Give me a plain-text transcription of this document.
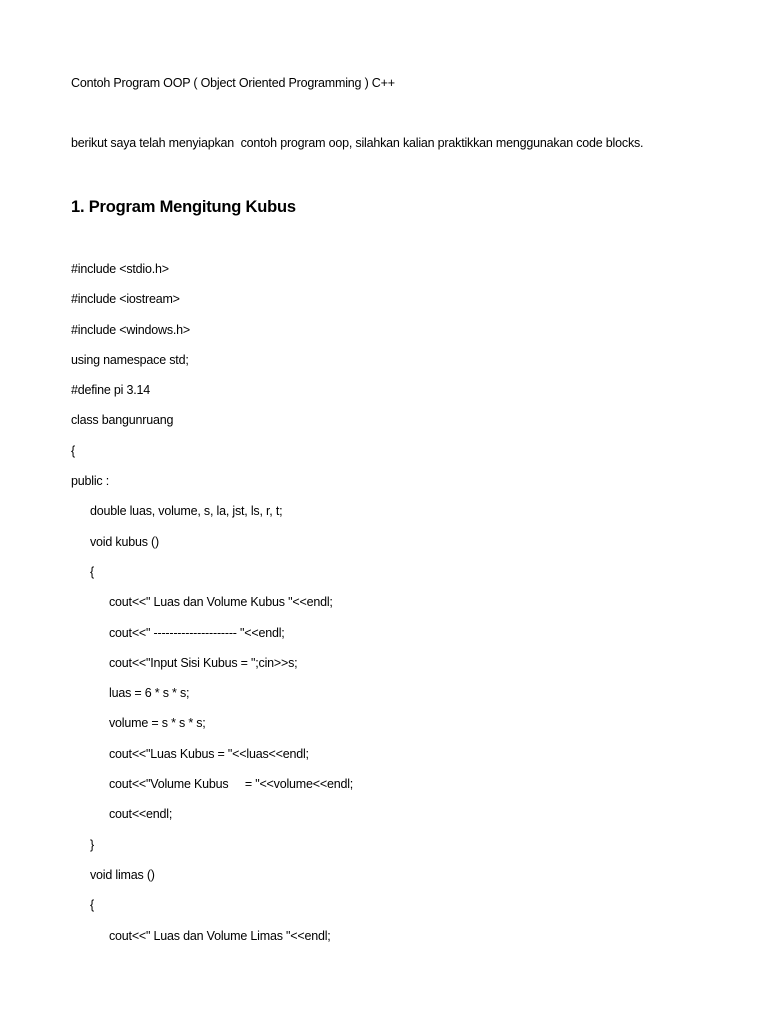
Contoh Program OOP ( Object Oriented Programming ) C++
berikut saya telah menyiapkan  contoh program oop, silahkan kalian praktikkan menggunakan code blocks.
1. Program Mengitung Kubus
#include <stdio.h>
#include <iostream>
#include <windows.h>
using namespace std;
#define pi 3.14
class bangunruang
{
public :
double luas, volume, s, la, jst, ls, r, t;
void kubus ()
{
cout<<" Luas dan Volume Kubus "<<endl;
cout<<" --------------------- "<<endl;
cout<<"Input Sisi Kubus = ";cin>>s;
luas = 6 * s * s;
volume = s * s * s;
cout<<"Luas Kubus = "<<luas<<endl;
cout<<"Volume Kubus     = "<<volume<<endl;
cout<<endl;
}
void limas ()
{
cout<<" Luas dan Volume Limas "<<endl;
